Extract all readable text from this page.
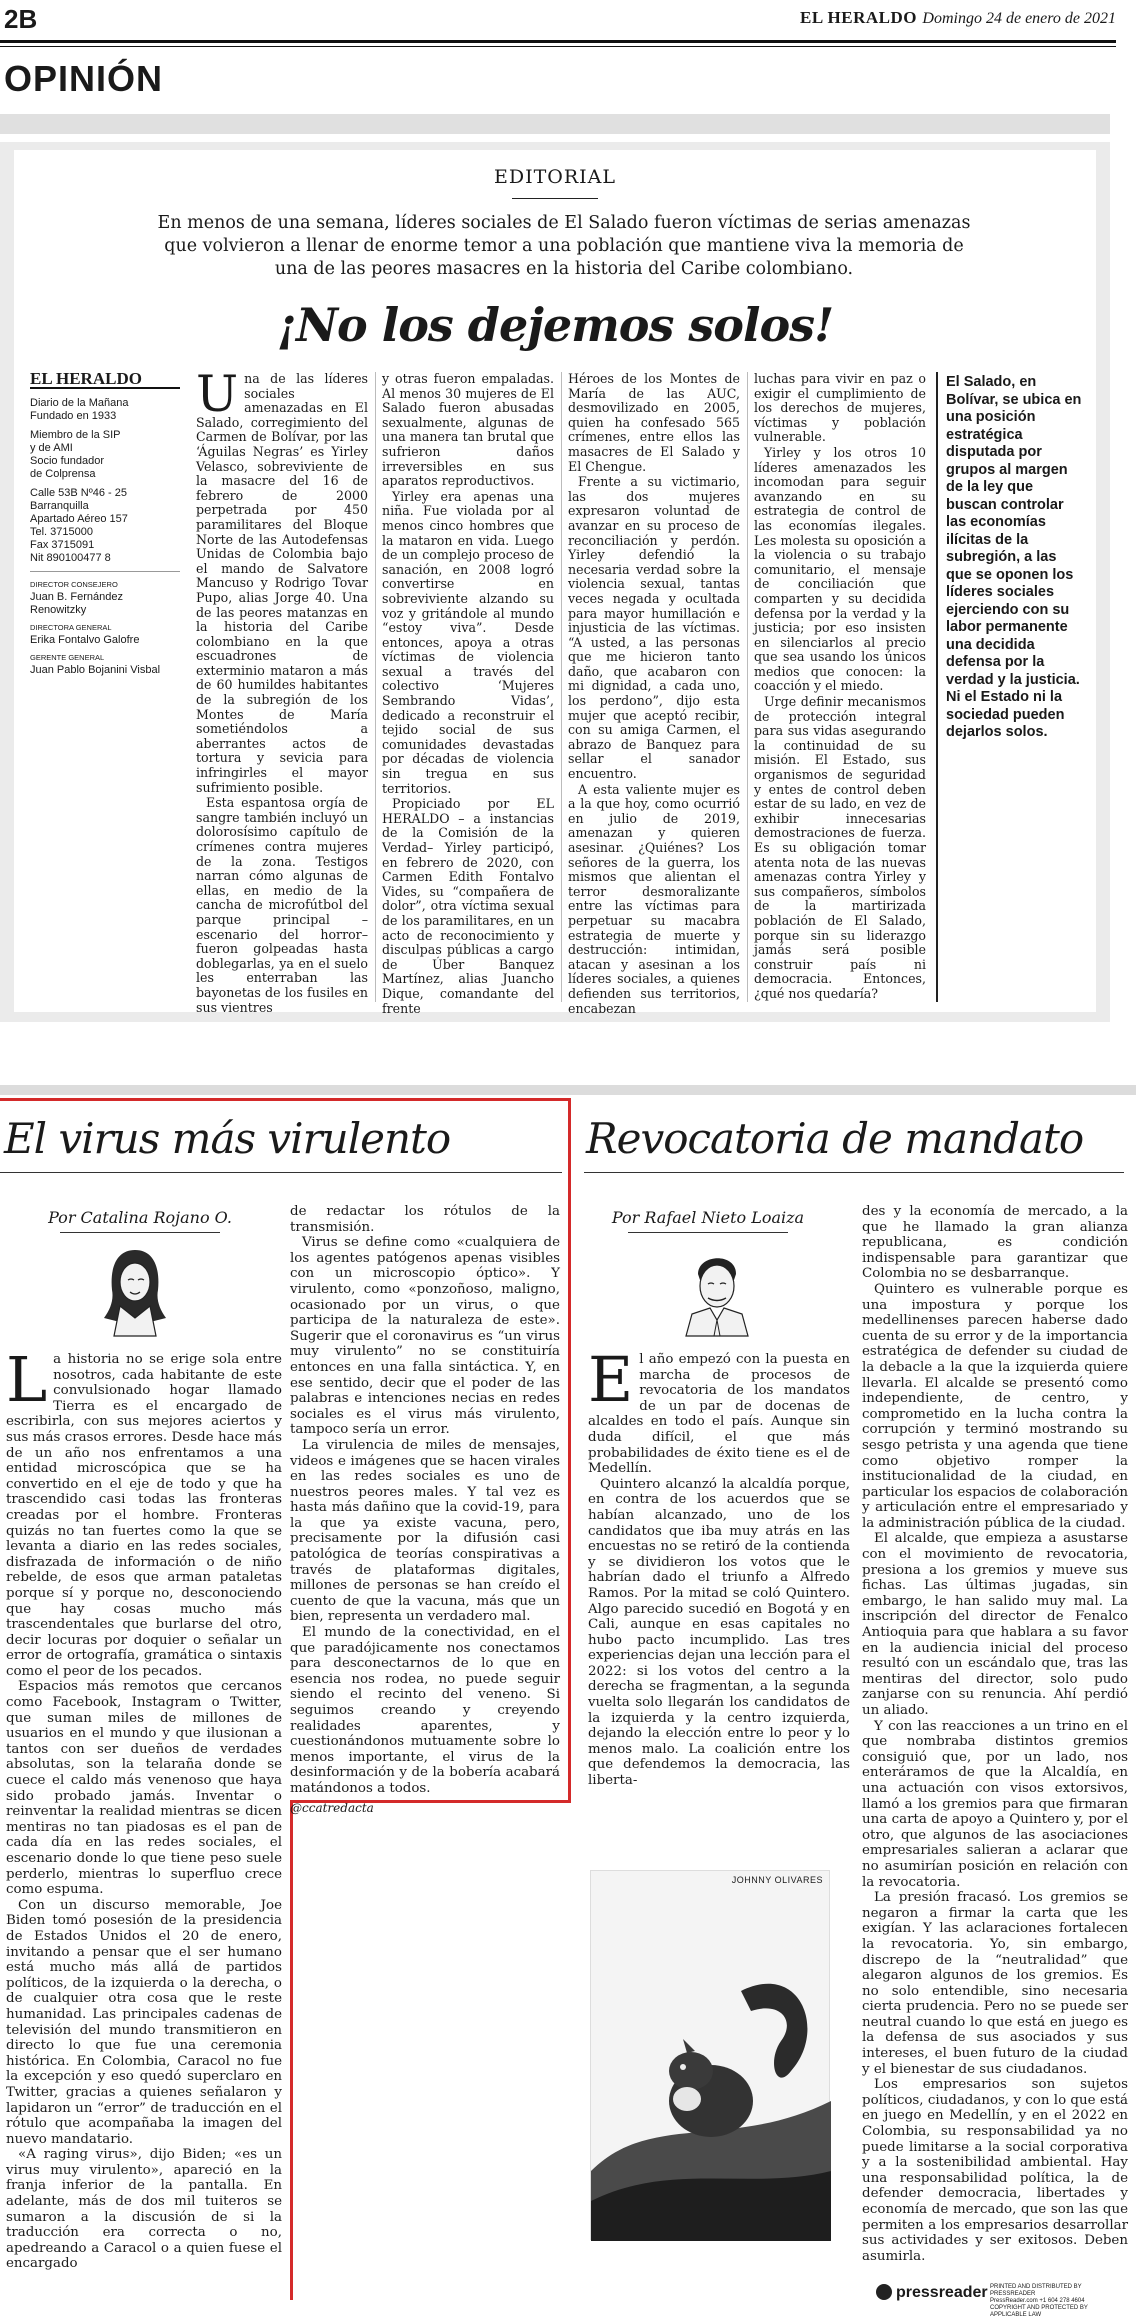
2B	EL HERALDO Domingo 24 de enero de 2021
OPINIÓN
EDITORIAL
En menos de una semana, líderes sociales de El Salado fueron víctimas de serias amenazas que volvieron a llenar de enorme temor a una población que mantiene viva la memoria de una de las peores masacres en la historia del Caribe colombiano.
¡No los dejemos solos!
EL HERALDO

Diario de la Mañana
Fundado en 1933

Miembro de la SIP
y de AMI
Socio fundador
de Colprensa

Calle 53B Nº46 - 25
Barranquilla
Apartado Aéreo 157
Tel. 3715000
Fax 3715091
Nit 890100477 8

DIRECTOR CONSEJERO
Juan B. Fernández Renowitzky
DIRECTORA GENERAL
Erika Fontalvo Galofre
GERENTE GENERAL
Juan Pablo Bojanini Visbal

Una de las líderes sociales amenazadas en El Salado, corregimiento del Carmen de Bolívar, por las ‘Águilas Negras’ es Yirley Velasco, sobreviviente de la masacre del 16 de febrero de 2000 perpetrada por 450 paramilitares del Bloque Norte de las Autodefensas Unidas de Colombia bajo el mando de Salvatore Mancuso y Rodrigo Tovar Pupo, alias Jorge 40. Una de las peores matanzas en la historia del Caribe colombiano en la que escuadrones de exterminio mataron a más de 60 humildes habitantes de la subregión de los Montes de María sometiéndolos a aberrantes actos de tortura y sevicia para infringirles el mayor sufrimiento posible.

Esta espantosa orgía de sangre también incluyó un dolorosísimo capítulo de crímenes contra mujeres de la zona. Testigos narran cómo algunas de ellas, en medio de la cancha de microfútbol del parque principal –escenario del horror– fueron golpeadas hasta doblegarlas, ya en el suelo les enterraban las bayonetas de los fusiles en sus vientres

y otras fueron empaladas. Al menos 30 mujeres de El Salado fueron abusadas sexualmente, algunas de una manera tan brutal que sufrieron daños irreversibles en sus aparatos reproductivos.

Yirley era apenas una niña. Fue violada por al menos cinco hombres que la mataron en vida. Luego de un complejo proceso de sanación, en 2008 logró convertirse en sobreviviente alzando su voz y gritándole al mundo “estoy viva”. Desde entonces, apoya a otras víctimas de violencia sexual a través del colectivo ‘Mujeres Sembrando Vidas’, dedicado a reconstruir el tejido social de sus comunidades devastadas por décadas de violencia sin tregua en sus territorios.

Propiciado por EL HERALDO – a instancias de la Comisión de la Verdad– Yirley participó, en febrero de 2020, con Carmen Edith Fontalvo Vides, su “compañera de dolor”, otra víctima sexual de los paramilitares, en un acto de reconocimiento y disculpas públicas a cargo de Úber Banquez Martínez, alias Juancho Dique, comandante del frente

Héroes de los Montes de María de las AUC, desmovilizado en 2005, quien ha confesado 565 crímenes, entre ellos las masacres de El Salado y El Chengue.

Frente a su victimario, las dos mujeres expresaron voluntad de avanzar en su proceso de reconciliación y perdón. Yirley defendió la necesaria verdad sobre la violencia sexual, tantas veces negada y ocultada para mayor humillación e injusticia de las víctimas. “A usted, a las personas que me hicieron tanto daño, que acabaron con mi dignidad, a cada uno, los perdono”, dijo esta mujer que aceptó recibir, con su amiga Carmen, el abrazo de Banquez para sellar el sanador encuentro.

A esta valiente mujer es a la que hoy, como ocurrió en julio de 2019, amenazan y quieren asesinar. ¿Quiénes? Los señores de la guerra, los mismos que alientan el terror desmoralizante entre las víctimas para perpetuar su macabra estrategia de muerte y destrucción: intimidan, atacan y asesinan a los líderes sociales, a quienes defienden sus territorios, encabezan

luchas para vivir en paz o exigir el cumplimiento de los derechos de mujeres, víctimas y población vulnerable.

Yirley y los otros 10 líderes amenazados les incomodan para seguir avanzando en su estrategia de control de las economías ilegales. Les molesta su oposición a la violencia o su trabajo comunitario, el mensaje de conciliación que comparten y su decidida defensa por la verdad y la justicia; por eso insisten en silenciarlos al precio que sea usando los únicos medios que conocen: la coacción y el miedo.

Urge definir mecanismos de protección integral para sus vidas asegurando la continuidad de su misión. El Estado, sus organismos de seguridad y entes de control deben estar de su lado, en vez de exhibir innecesarias demostraciones de fuerza. Es su obligación tomar atenta nota de las nuevas amenazas contra Yirley y sus compañeros, símbolos de la martirizada población de El Salado, porque sin su liderazgo jamás será posible construir país ni democracia. Entonces, ¿qué nos quedaría?

El Salado, en Bolívar, se ubica en una posición estratégica disputada por grupos al margen de la ley que buscan controlar las economías ilícitas de la subregión, a las que se oponen los líderes sociales ejerciendo con su labor permanente una decidida defensa por la verdad y la justicia. Ni el Estado ni la sociedad pueden dejarlos solos.
El virus más virulento
Por Catalina Rojano O.

La historia no se erige sola entre nosotros, cada habitante de este convulsionado hogar llamado Tierra es el encargado de escribirla, con sus mejores aciertos y sus más crasos errores. Desde hace más de un año nos enfrentamos a una entidad microscópica que se ha convertido en el eje de todo y que ha trascendido casi todas las fronteras creadas por el hombre. Fronteras quizás no tan fuertes como la que se levanta a diario en las redes sociales, disfrazada de información o de niño rebelde, de esos que arman pataletas porque sí y porque no, desconociendo que hay cosas mucho más trascendentales que burlarse del otro, decir locuras por doquier o señalar un error de ortografía, gramática o sintaxis como el peor de los pecados.

Espacios más remotos que cercanos como Facebook, Instagram o Twitter, que suman miles de millones de usuarios en el mundo y que ilusionan a tantos con ser dueños de verdades absolutas, son la telaraña donde se cuece el caldo más venenoso que haya sido probado jamás. Inventar o reinventar la realidad mientras se dicen mentiras no tan piadosas es el pan de cada día en las redes sociales, el escenario donde lo que tiene peso suele perderlo, mientras lo superfluo crece como espuma.

Con un discurso memorable, Joe Biden tomó posesión de la presidencia de Estados Unidos el 20 de enero, invitando a pensar que el ser humano está mucho más allá de partidos políticos, de la izquierda o la derecha, o de cualquier otra cosa que le reste humanidad. Las principales cadenas de televisión del mundo transmitieron en directo lo que fue una ceremonia histórica. En Colombia, Caracol no fue la excepción y eso quedó superclaro en Twitter, gracias a quienes señalaron y lapidaron un “error” de traducción en el rótulo que acompañaba la imagen del nuevo mandatario.

«A raging virus», dijo Biden; «es un virus muy virulento», apareció en la franja inferior de la pantalla. En adelante, más de dos mil tuiteros se sumaron a la discusión de si la traducción era correcta o no, apedreando a Caracol o a quien fuese el encargado

de redactar los rótulos de la transmisión.

Virus se define como «cualquiera de los agentes patógenos apenas visibles con un microscopio óptico». Y virulento, como «ponzoñoso, maligno, ocasionado por un virus, o que participa de la naturaleza de este». Sugerir que el coronavirus es “un virus muy virulento” no se constituiría entonces en una falla sintáctica. Y, en ese sentido, decir que el poder de las palabras e intenciones necias en redes sociales es el virus más virulento, tampoco sería un error.

La virulencia de miles de mensajes, videos e imágenes que se hacen virales en las redes sociales es uno de nuestros peores males. Y tal vez es hasta más dañino que la covid-19, para la que ya existe vacuna, pero, precisamente por la difusión casi patológica de teorías conspirativas a través de plataformas digitales, millones de personas se han creído el cuento de que la vacuna, más que un bien, representa un verdadero mal.

El mundo de la conectividad, en el que paradójicamente nos conectamos para desconectarnos de lo que en esencia nos rodea, no puede seguir siendo el recinto del veneno. Si seguimos creando y creyendo realidades aparentes, y cuestionándonos mutuamente sobre lo menos importante, el virus de la desinformación y de la bobería acabará matándonos a todos.

@ccatredacta
Revocatoria de mandato
Por Rafael Nieto Loaiza

El año empezó con la puesta en marcha de procesos de revocatoria de los mandatos de un par de docenas de alcaldes en todo el país. Aunque sin duda difícil, el que más probabilidades de éxito tiene es el de Medellín.

Quintero alcanzó la alcaldía porque, en contra de los acuerdos que se habían alcanzado, uno de los candidatos que iba muy atrás en las encuestas no se retiró de la contienda y se dividieron los votos que le habrían dado el triunfo a Alfredo Ramos. Por la mitad se coló Quintero. Algo parecido sucedió en Bogotá y en Cali, aunque en esas capitales no hubo pacto incumplido. Las tres experiencias dejan una lección para el 2022: si los votos del centro a la derecha se fragmentan, a la segunda vuelta solo llegarán los candidatos de la izquierda y la centro izquierda, dejando la elección entre lo peor y lo menos malo. La coalición entre los que defendemos la democracia, las liberta-

JOHNNY OLIVARES

des y la economía de mercado, a la que he llamado la gran alianza republicana, es condición indispensable para garantizar que Colombia no se desbarranque.

Quintero es vulnerable porque es una impostura y porque los medellinenses parecen haberse dado cuenta de su error y de la importancia estratégica de defender su ciudad de la debacle a la que la izquierda quiere llevarla. El alcalde se presentó como independiente, de centro, y comprometido en la lucha contra la corrupción y terminó mostrando su sesgo petrista y una agenda que tiene como objetivo romper la institucionalidad de la ciudad, en particular los espacios de colaboración y articulación entre el empresariado y la administración pública de la ciudad.

El alcalde, que empieza a asustarse con el movimiento de revocatoria, presiona a los gremios y mueve sus fichas. Las últimas jugadas, sin embargo, le han salido muy mal. La inscripción del director de Fenalco Antioquia para que hablara a su favor en la audiencia inicial del proceso resultó con un escándalo que, tras las mentiras del director, solo pudo zanjarse con su renuncia. Ahí perdió un aliado.

Y con las reacciones a un trino en el que nombraba distintos gremios consiguió que, por un lado, nos enteráramos de que la Alcaldía, en una actuación con visos extorsivos, llamó a los gremios para que firmaran una carta de apoyo a Quintero y, por el otro, que algunos de las asociaciones empresariales salieran a aclarar que no asumirían posición en relación con la revocatoria.

La presión fracasó. Los gremios se negaron a firmar la carta que les exigían. Y las aclaraciones fortalecen la revocatoria. Yo, sin embargo, discrepo de la “neutralidad” que alegaron algunos de los gremios. Es no solo entendible, sino necesaria cierta prudencia. Pero no se puede ser neutral cuando lo que está en juego es la defensa de sus asociados y sus intereses, el buen futuro de la ciudad y el bienestar de sus ciudadanos.

Los empresarios son sujetos políticos, ciudadanos, y con lo que está en juego en Medellín, y en el 2022 en Colombia, su responsabilidad ya no puede limitarse a la social corporativa y a la sostenibilidad ambiental. Hay una responsabilidad política, la de defender democracia, libertades y economía de mercado, que son las que permiten a los empresarios desarrollar sus actividades y ser exitosos. Deben asumirla.

pressreader PRINTED AND DISTRIBUTED BY PRESSREADER
PressReader.com +1 604 278 4604
COPYRIGHT AND PROTECTED BY APPLICABLE LAW
